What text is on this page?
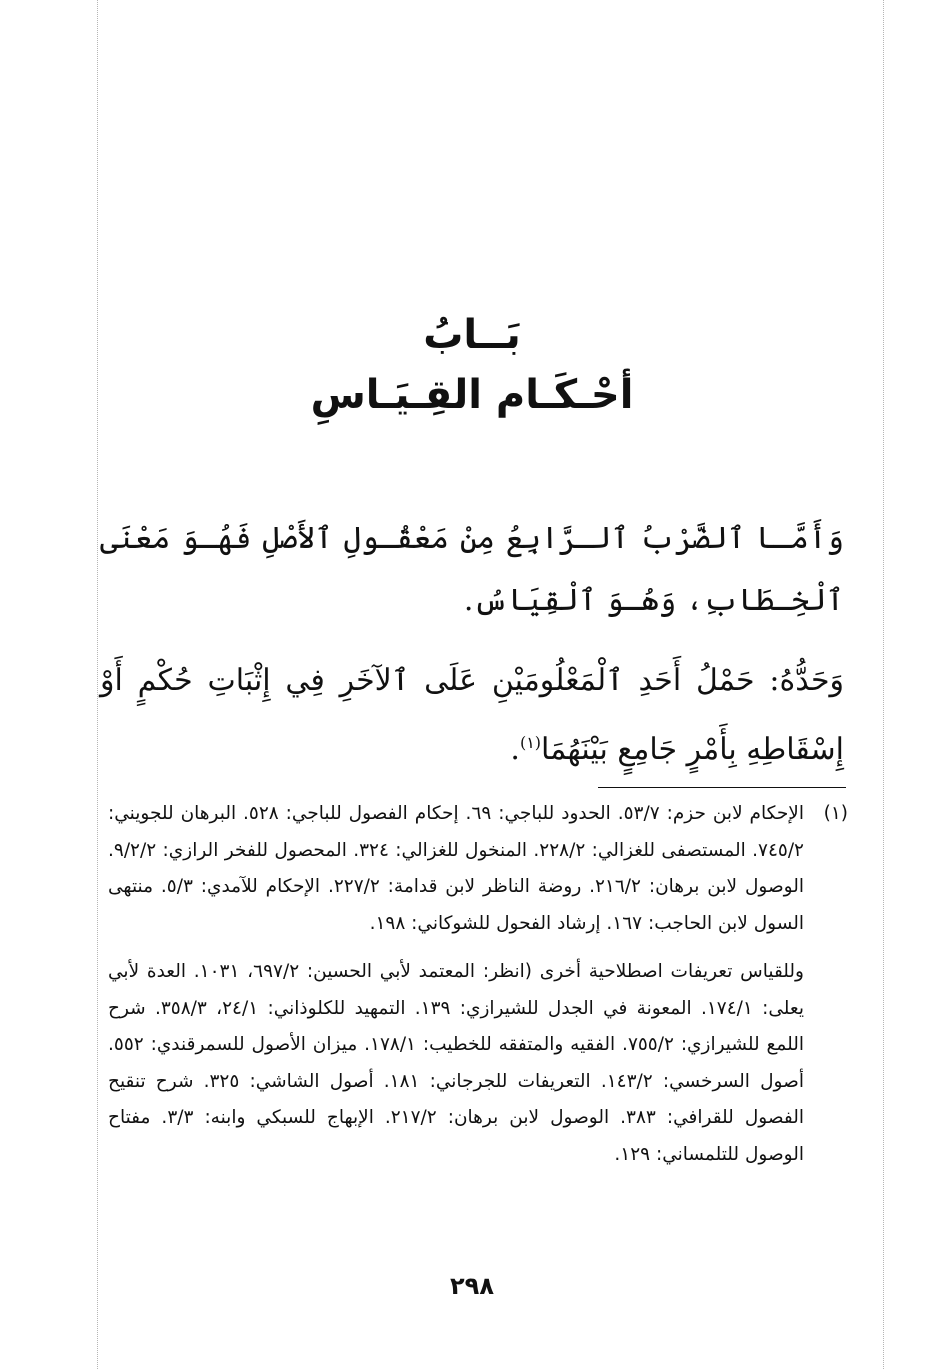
بَــابُ
أحْـكَـام القِـيَـاسِ

وَأَمَّـا ٱلضَّرْبُ ٱلـرَّابِعُ مِنْ مَعْقُـولِ ٱلأَصْلِ فَهُـوَ مَعْنَى ٱلْخِـطَابِ، وَهُـوَ ٱلْقِيَاسُ.

وَحَدُّهُ: حَمْلُ أَحَدِ ٱلْمَعْلُومَيْنِ عَلَى ٱلآخَرِ فِي إِثْبَاتِ حُكْمٍ أَوْ إِسْقَاطِهِ بِأَمْرٍ جَامِعٍ بَيْنَهُمَا$^{(١)}$.

(١)

الإحكام لابن حزم: ٥٣/٧. الحدود للباجي: ٦٩. إحكام الفصول للباجي: ٥٢٨. البرهان للجويني: ٧٤٥/٢. المستصفى للغزالي: ٢٢٨/٢. المنخول للغزالي: ٣٢٤. المحصول للفخر الرازي: ٩/٢/٢. الوصول لابن برهان: ٢١٦/٢. روضة الناظر لابن قدامة: ٢٢٧/٢. الإحكام للآمدي: ٥/٣. منتهى السول لابن الحاجب: ١٦٧. إرشاد الفحول للشوكاني: ١٩٨.

وللقياس تعريفات اصطلاحية أخرى (انظر: المعتمد لأبي الحسين: ٦٩٧/٢، ١٠٣١. العدة لأبي يعلى: ١٧٤/١. المعونة في الجدل للشيرازي: ١٣٩. التمهيد للكلوذاني: ٢٤/١، ٣٥٨/٣. شرح اللمع للشيرازي: ٧٥٥/٢. الفقيه والمتفقه للخطيب: ١٧٨/١. ميزان الأصول للسمرقندي: ٥٥٢. أصول السرخسي: ١٤٣/٢. التعريفات للجرجاني: ١٨١. أصول الشاشي: ٣٢٥. شرح تنقيح الفصول للقرافي: ٣٨٣. الوصول لابن برهان: ٢١٧/٢. الإبهاج للسبكي وابنه: ٣/٣. مفتاح الوصول للتلمساني: ١٢٩.

٢٩٨
